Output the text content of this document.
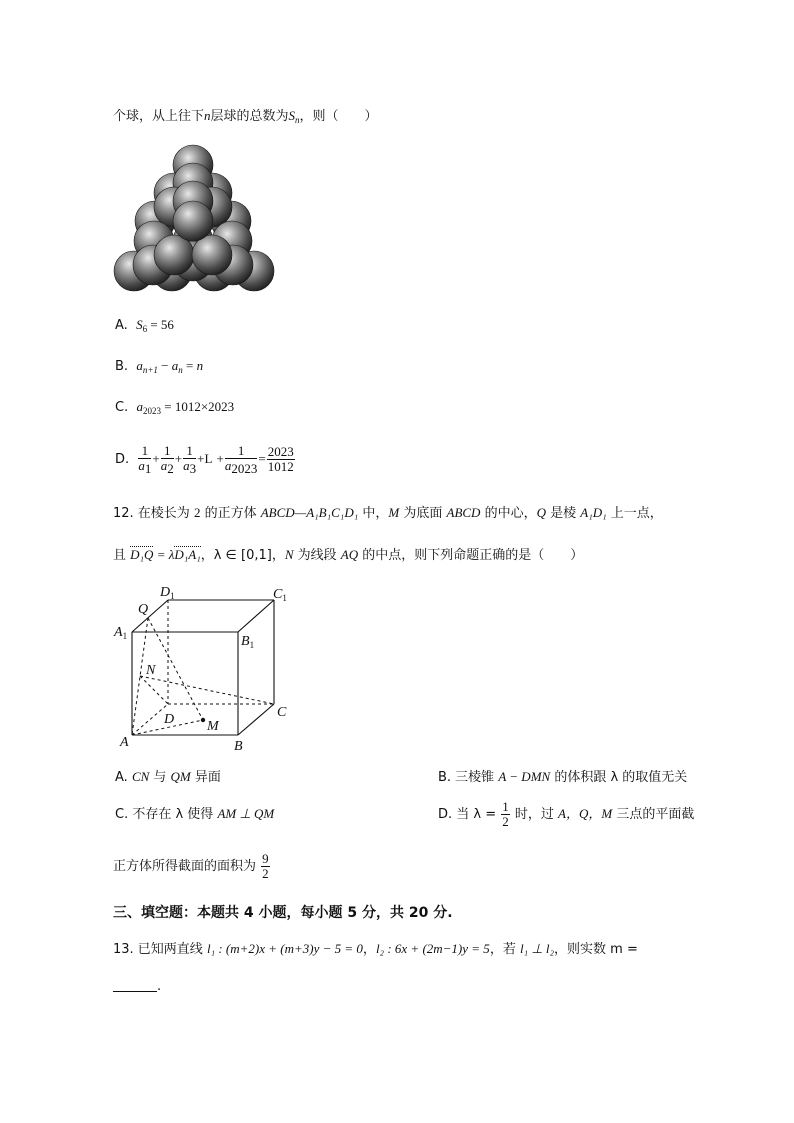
个球，从上往下n层球的总数为$S_n$，则（　　）
A. $S_6 = 56$
B. $a_{n+1} - a_n = n$
C. $a_{2023} = 1012\times 2023$
D. $\frac{1}{a1} + \frac{1}{a2} + \frac{1}{a3} +L + \frac{1}{a2023} = \frac{2023}{1012}$
12. 在棱长为 2 的正方体 ABCD—A₁B₁C₁D₁ 中，M 为底面 ABCD 的中心，Q 是棱 A₁D₁ 上一点，
且 D₁Q = λD₁A₁，λ ∈ [0,1]，N 为线段 AQ 的中点，则下列命题正确的是（　　）
$A_1$	$B_1$
$C_1$
$D_1$
Q
N
D M
A	B
C
A. CN 与 QM 异面	B. 三棱锥 A − DMN 的体积跟 λ 的取值无关
C. 不存在 λ 使得 AM ⊥ QM	D. 当 $\lambda = \frac{1}{2}$ 时，过 A，Q，M 三点的平面截
正方体所得截面的面积为 $\frac{9}{2}$
三、填空题：本题共 4 小题，每小题 5 分，共 20 分.
13. 已知两直线 l₁ : (m+2)x + (m+3)y − 5 = 0，l₂ : 6x + (2m−1)y = 5，若 l₁ ⊥ l₂，则实数 m =
.
